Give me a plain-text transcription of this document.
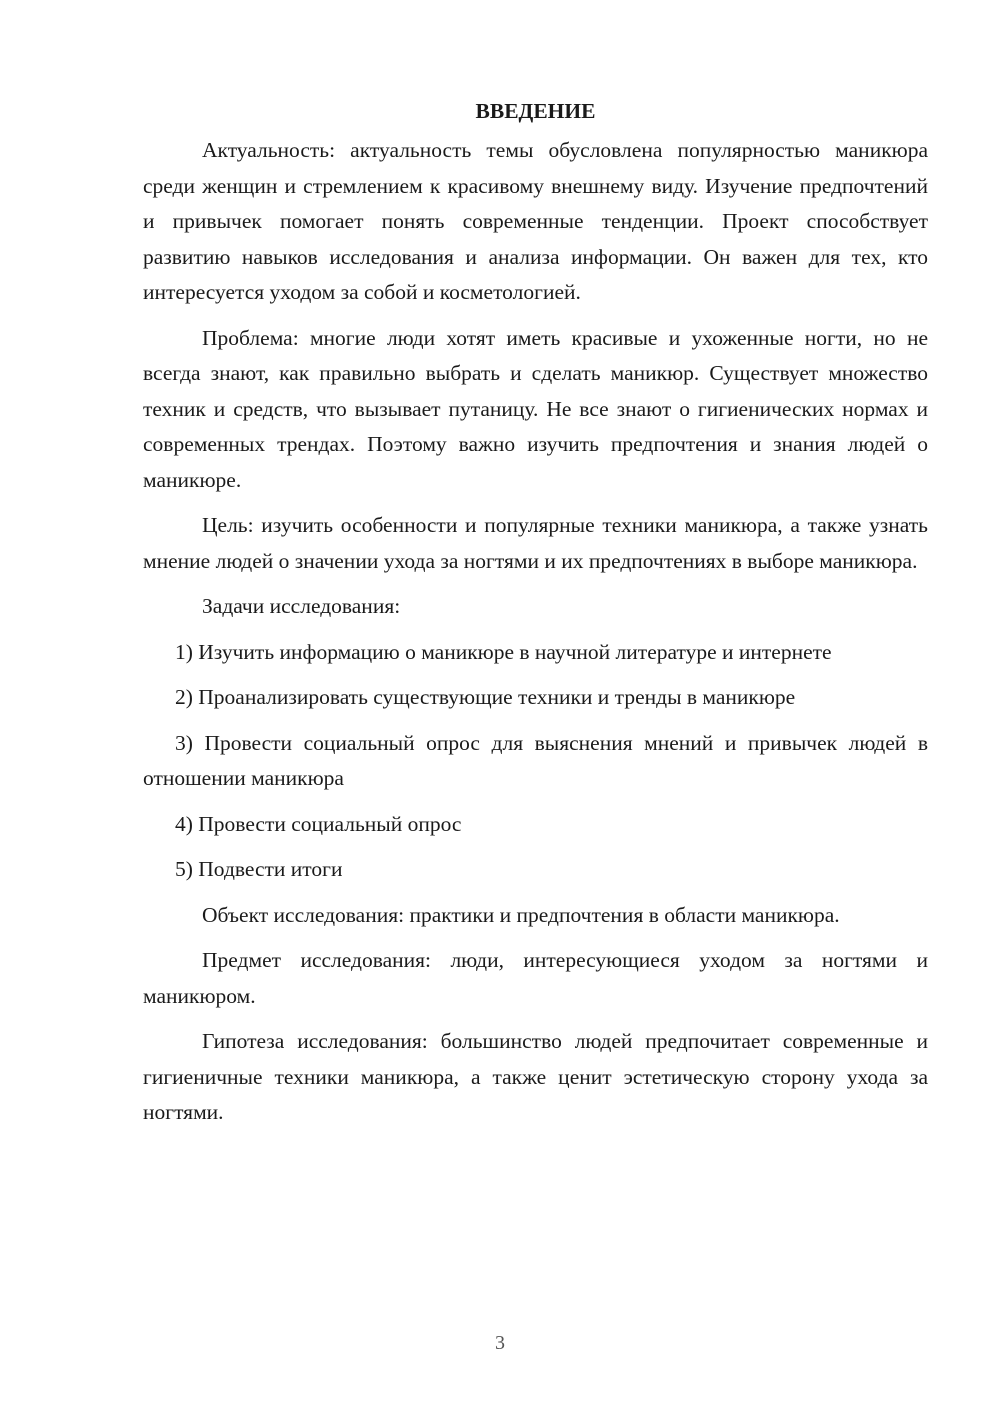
ВВЕДЕНИЕ

Актуальность: актуальность темы обусловлена популярностью маникюра среди женщин и стремлением к красивому внешнему виду. Изучение предпочтений и привычек помогает понять современные тенденции. Проект способствует развитию навыков исследования и анализа информации. Он важен для тех, кто интересуется уходом за собой и косметологией.

Проблема: многие люди хотят иметь красивые и ухоженные ногти, но не всегда знают, как правильно выбрать и сделать маникюр. Существует множество техник и средств, что вызывает путаницу. Не все знают о гигиенических нормах и современных трендах. Поэтому важно изучить предпочтения и знания людей о маникюре.

Цель: изучить особенности и популярные техники маникюра, а также узнать мнение людей о значении ухода за ногтями и их предпочтениях в выборе маникюра.

Задачи исследования:

1) Изучить информацию о маникюре в научной литературе и интернете

2) Проанализировать существующие техники и тренды в маникюре

3) Провести социальный опрос для выяснения мнений и привычек людей в отношении маникюра

4) Провести социальный опрос

5) Подвести итоги

Объект исследования: практики и предпочтения в области маникюра.

Предмет исследования: люди, интересующиеся уходом за ногтями и маникюром.

Гипотеза исследования: большинство людей предпочитает современные и гигиеничные техники маникюра, а также ценит эстетическую сторону ухода за ногтями.

3
